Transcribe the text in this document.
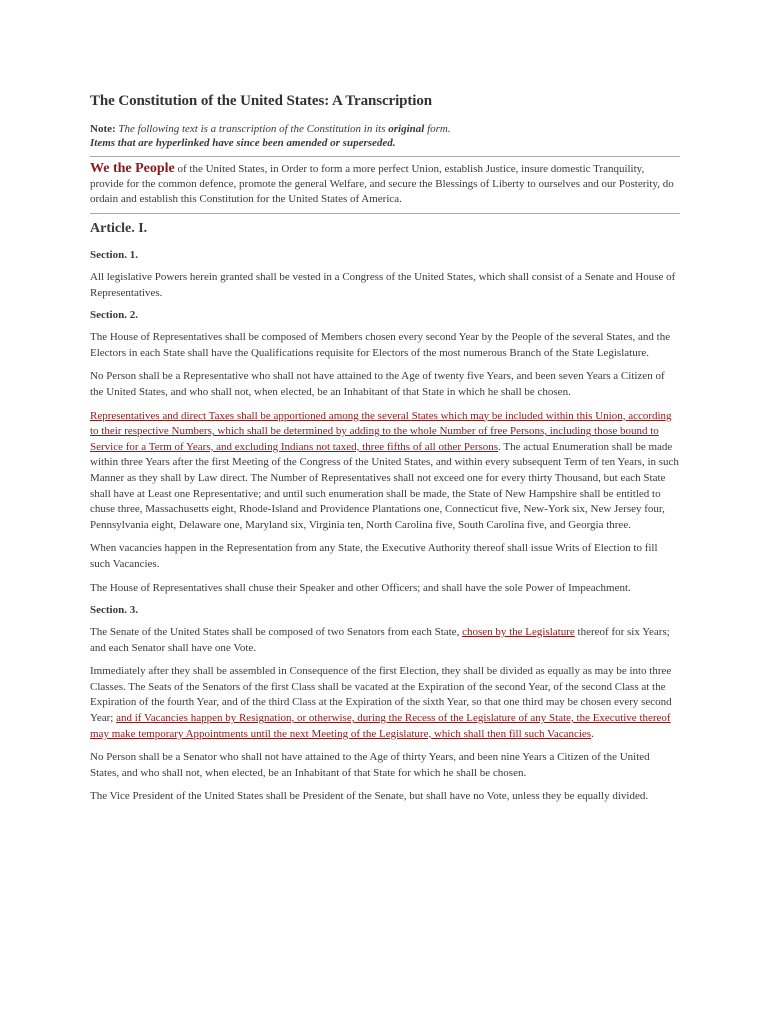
The Constitution of the United States: A Transcription
Note: The following text is a transcription of the Constitution in its original form.
Items that are hyperlinked have since been amended or superseded.

We the People of the United States, in Order to form a more perfect Union, establish Justice, insure domestic Tranquility, provide for the common defence, promote the general Welfare, and secure the Blessings of Liberty to ourselves and our Posterity, do ordain and establish this Constitution for the United States of America.

Article. I.
Section. 1.

All legislative Powers herein granted shall be vested in a Congress of the United States, which shall consist of a Senate and House of Representatives.

Section. 2.

The House of Representatives shall be composed of Members chosen every second Year by the People of the several States, and the Electors in each State shall have the Qualifications requisite for Electors of the most numerous Branch of the State Legislature.

No Person shall be a Representative who shall not have attained to the Age of twenty five Years, and been seven Years a Citizen of the United States, and who shall not, when elected, be an Inhabitant of that State in which he shall be chosen.

Representatives and direct Taxes shall be apportioned among the several States which may be included within this Union, according to their respective Numbers, which shall be determined by adding to the whole Number of free Persons, including those bound to Service for a Term of Years, and excluding Indians not taxed, three fifths of all other Persons. The actual Enumeration shall be made within three Years after the first Meeting of the Congress of the United States, and within every subsequent Term of ten Years, in such Manner as they shall by Law direct. The Number of Representatives shall not exceed one for every thirty Thousand, but each State shall have at Least one Representative; and until such enumeration shall be made, the State of New Hampshire shall be entitled to chuse three, Massachusetts eight, Rhode-Island and Providence Plantations one, Connecticut five, New-York six, New Jersey four, Pennsylvania eight, Delaware one, Maryland six, Virginia ten, North Carolina five, South Carolina five, and Georgia three.

When vacancies happen in the Representation from any State, the Executive Authority thereof shall issue Writs of Election to fill such Vacancies.

The House of Representatives shall chuse their Speaker and other Officers; and shall have the sole Power of Impeachment.

Section. 3.

The Senate of the United States shall be composed of two Senators from each State, chosen by the Legislature thereof for six Years; and each Senator shall have one Vote.

Immediately after they shall be assembled in Consequence of the first Election, they shall be divided as equally as may be into three Classes. The Seats of the Senators of the first Class shall be vacated at the Expiration of the second Year, of the second Class at the Expiration of the fourth Year, and of the third Class at the Expiration of the sixth Year, so that one third may be chosen every second Year; and if Vacancies happen by Resignation, or otherwise, during the Recess of the Legislature of any State, the Executive thereof may make temporary Appointments until the next Meeting of the Legislature, which shall then fill such Vacancies.

No Person shall be a Senator who shall not have attained to the Age of thirty Years, and been nine Years a Citizen of the United States, and who shall not, when elected, be an Inhabitant of that State for which he shall be chosen.

The Vice President of the United States shall be President of the Senate, but shall have no Vote, unless they be equally divided.
